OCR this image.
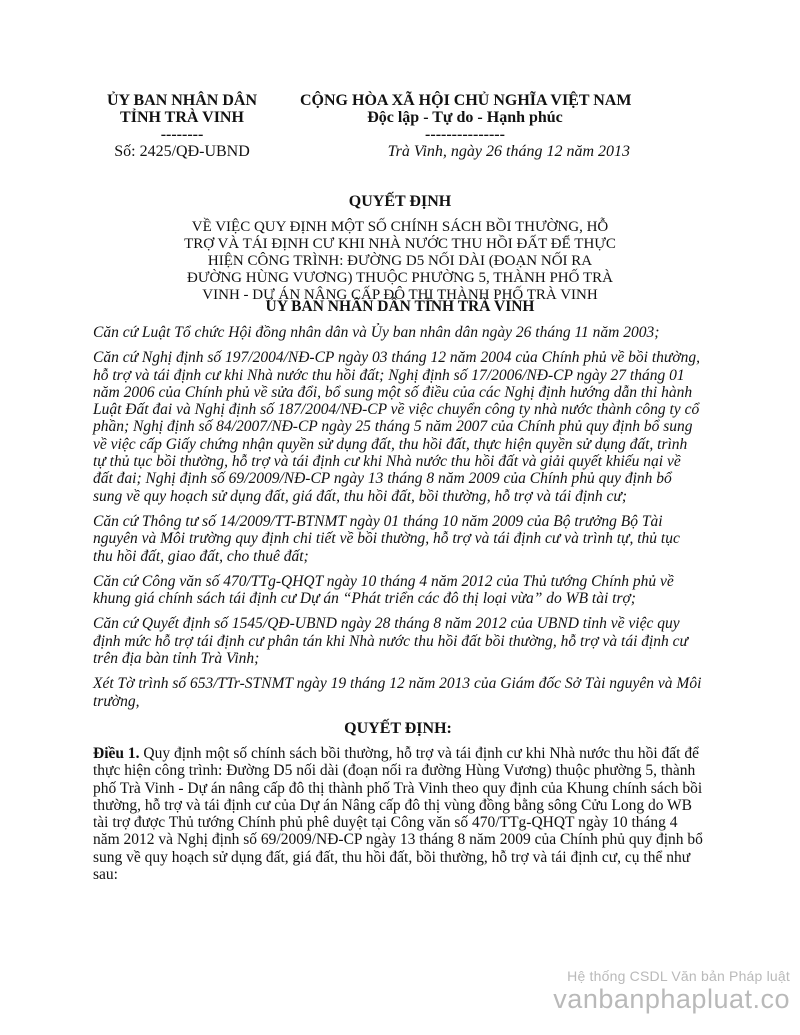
ỦY BAN NHÂN DÂN
TỈNH TRÀ VINH
--------
Số: 2425/QĐ-UBND
CỘNG HÒA XÃ HỘI CHỦ NGHĨA VIỆT NAM
Độc lập - Tự do - Hạnh phúc
---------------
Trà Vinh, ngày 26 tháng 12 năm 2013
QUYẾT ĐỊNH
VỀ VIỆC QUY ĐỊNH MỘT SỐ CHÍNH SÁCH BỒI THƯỜNG, HỖ TRỢ VÀ TÁI ĐỊNH CƯ KHI NHÀ NƯỚC THU HỒI ĐẤT ĐỂ THỰC HIỆN CÔNG TRÌNH: ĐƯỜNG D5 NỐI DÀI (ĐOẠN NỐI RA ĐƯỜNG HÙNG VƯƠNG) THUỘC PHƯỜNG 5, THÀNH PHỐ TRÀ VINH - DỰ ÁN NÂNG CẤP ĐÔ THỊ THÀNH PHỐ TRÀ VINH
ỦY BAN NHÂN DÂN TỈNH TRÀ VINH

Căn cứ Luật Tổ chức Hội đồng nhân dân và Ủy ban nhân dân ngày 26 tháng 11 năm 2003;

Căn cứ Nghị định số 197/2004/NĐ-CP ngày 03 tháng 12 năm 2004 của Chính phủ về bồi thường, hỗ trợ và tái định cư khi Nhà nước thu hồi đất; Nghị định số 17/2006/NĐ-CP ngày 27 tháng 01 năm 2006 của Chính phủ về sửa đổi, bổ sung một số điều của các Nghị định hướng dẫn thi hành Luật Đất đai và Nghị định số 187/2004/NĐ-CP về việc chuyển công ty nhà nước thành công ty cổ phần; Nghị định số 84/2007/NĐ-CP ngày 25 tháng 5 năm 2007 của Chính phủ quy định bổ sung về việc cấp Giấy chứng nhận quyền sử dụng đất, thu hồi đất, thực hiện quyền sử dụng đất, trình tự thủ tục bồi thường, hỗ trợ và tái định cư khi Nhà nước thu hồi đất và giải quyết khiếu nại về đất đai; Nghị định số 69/2009/NĐ-CP ngày 13 tháng 8 năm 2009 của Chính phủ quy định bổ sung về quy hoạch sử dụng đất, giá đất, thu hồi đất, bồi thường, hỗ trợ và tái định cư;

Căn cứ Thông tư số 14/2009/TT-BTNMT ngày 01 tháng 10 năm 2009 của Bộ trưởng Bộ Tài nguyên và Môi trường quy định chi tiết về bồi thường, hỗ trợ và tái định cư và trình tự, thủ tục thu hồi đất, giao đất, cho thuê đất;

Căn cứ Công văn số 470/TTg-QHQT ngày 10 tháng 4 năm 2012 của Thủ tướng Chính phủ về khung giá chính sách tái định cư Dự án “Phát triển các đô thị loại vừa” do WB tài trợ;

Căn cứ Quyết định số 1545/QĐ-UBND ngày 28 tháng 8 năm 2012 của UBND tỉnh về việc quy định mức hỗ trợ tái định cư phân tán khi Nhà nước thu hồi đất bồi thường, hỗ trợ và tái định cư trên địa bàn tỉnh Trà Vinh;

Xét Tờ trình số 653/TTr-STNMT ngày 19 tháng 12 năm 2013 của Giám đốc Sở Tài nguyên và Môi trường,

QUYẾT ĐỊNH:

Điều 1. Quy định một số chính sách bồi thường, hỗ trợ và tái định cư khi Nhà nước thu hồi đất để thực hiện công trình: Đường D5 nối dài (đoạn nối ra đường Hùng Vương) thuộc phường 5, thành phố Trà Vinh - Dự án nâng cấp đô thị thành phố Trà Vinh theo quy định của Khung chính sách bồi thường, hỗ trợ và tái định cư của Dự án Nâng cấp đô thị vùng đồng bằng sông Cửu Long do WB tài trợ được Thủ tướng Chính phủ phê duyệt tại Công văn số 470/TTg-QHQT ngày 10 tháng 4 năm 2012 và Nghị định số 69/2009/NĐ-CP ngày 13 tháng 8 năm 2009 của Chính phủ quy định bổ sung về quy hoạch sử dụng đất, giá đất, thu hồi đất, bồi thường, hỗ trợ và tái định cư, cụ thể như sau:

Hệ thống CSDL Văn bản Pháp luật
vanbanphapluat.co
